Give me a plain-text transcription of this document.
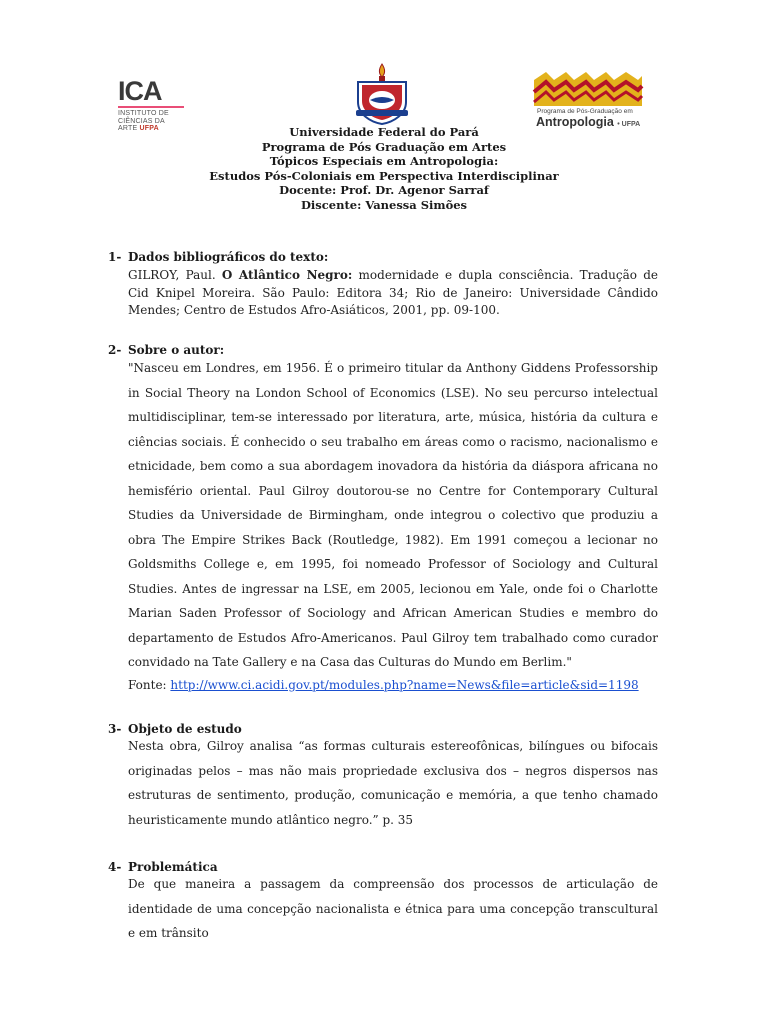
ICA
INSTITUTO DE
CIÊNCIAS DA
ARTE UFPA
Programa de Pós-Graduação em
Antropologia • UFPA
Universidade Federal do Pará
Programa de Pós Graduação em Artes
Tópicos Especiais em Antropologia:
Estudos Pós-Coloniais em Perspectiva Interdisciplinar
Docente: Prof. Dr. Agenor Sarraf
Discente: Vanessa Simões
1- Dados bibliográficos do texto:
GILROY, Paul. O Atlântico Negro: modernidade e dupla consciência. Tradução de Cid Knipel Moreira. São Paulo: Editora 34; Rio de Janeiro: Universidade Cândido Mendes; Centro de Estudos Afro-Asiáticos, 2001, pp. 09-100.
2- Sobre o autor:
"Nasceu em Londres, em 1956. É o primeiro titular da Anthony Giddens Professorship in Social Theory na London School of Economics (LSE). No seu percurso intelectual multidisciplinar, tem-se interessado por literatura, arte, música, história da cultura e ciências sociais. É conhecido o seu trabalho em áreas como o racismo, nacionalismo e etnicidade, bem como a sua abordagem inovadora da história da diáspora africana no hemisfério oriental. Paul Gilroy doutorou-se no Centre for Contemporary Cultural Studies da Universidade de Birmingham, onde integrou o colectivo que produziu a obra The Empire Strikes Back (Routledge, 1982). Em 1991 começou a lecionar no Goldsmiths College e, em 1995, foi nomeado Professor of Sociology and Cultural Studies. Antes de ingressar na LSE, em 2005, lecionou em Yale, onde foi o Charlotte Marian Saden Professor of Sociology and African American Studies e membro do departamento de Estudos Afro-Americanos. Paul Gilroy tem trabalhado como curador convidado na Tate Gallery e na Casa das Culturas do Mundo em Berlim."
Fonte: http://www.ci.acidi.gov.pt/modules.php?name=News&file=article&sid=1198
3- Objeto de estudo
Nesta obra, Gilroy analisa “as formas culturais estereofônicas, bilíngues ou bifocais originadas pelos – mas não mais propriedade exclusiva dos – negros dispersos nas estruturas de sentimento, produção, comunicação e memória, a que tenho chamado heuristicamente mundo atlântico negro.” p. 35
4- Problemática
De que maneira a passagem da compreensão dos processos de articulação de identidade de uma concepção nacionalista e étnica para uma concepção transcultural e em trânsito
